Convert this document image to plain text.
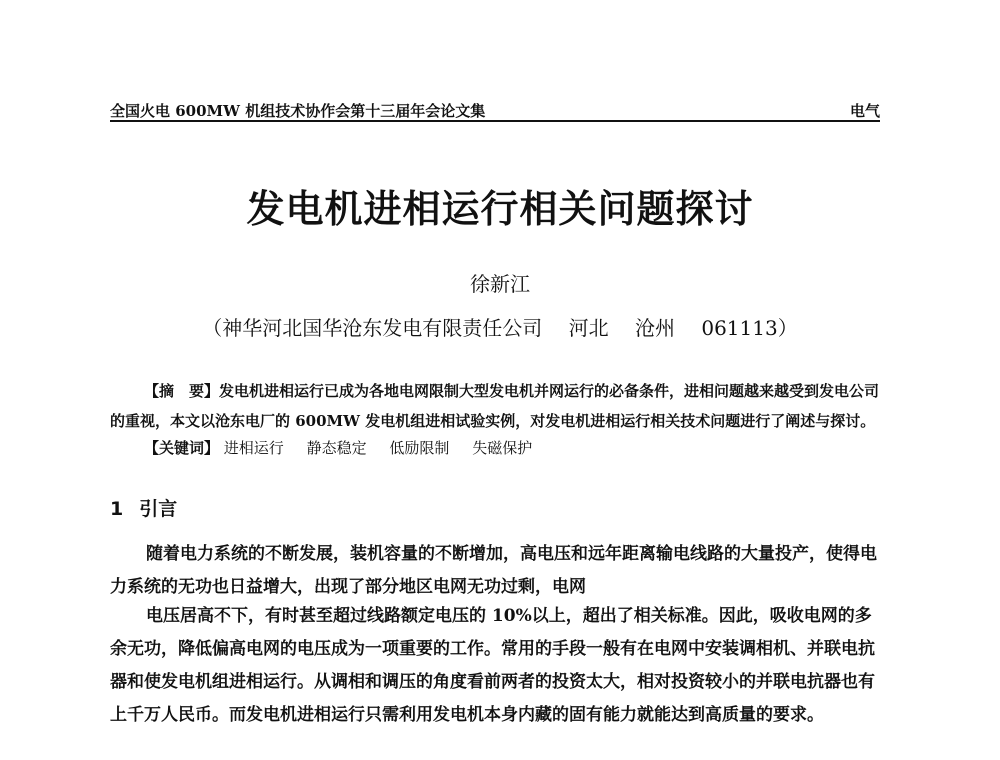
全国火电 600MW 机组技术协作会第十三届年会论文集	电气
发电机进相运行相关问题探讨
徐新江
（神华河北国华沧东发电有限责任公司 河北 沧州 061113）
【摘　要】发电机进相运行已成为各地电网限制大型发电机并网运行的必备条件，进相问题越来越受到发电公司的重视，本文以沧东电厂的 600MW 发电机组进相试验实例，对发电机进相运行相关技术问题进行了阐述与探讨。
【关键词】 进相运行 静态稳定 低励限制 失磁保护
1 引言

随着电力系统的不断发展，装机容量的不断增加，高电压和远年距离输电线路的大量投产，使得电力系统的无功也日益增大，出现了部分地区电网无功过剩，电网

电压居高不下，有时甚至超过线路额定电压的 10%以上，超出了相关标准。因此，吸收电网的多余无功，降低偏高电网的电压成为一项重要的工作。常用的手段一般有在电网中安装调相机、并联电抗器和使发电机组进相运行。从调相和调压的角度看前两者的投资太大，相对投资较小的并联电抗器也有上千万人民币。而发电机进相运行只需利用发电机本身内藏的固有能力就能达到高质量的要求。
